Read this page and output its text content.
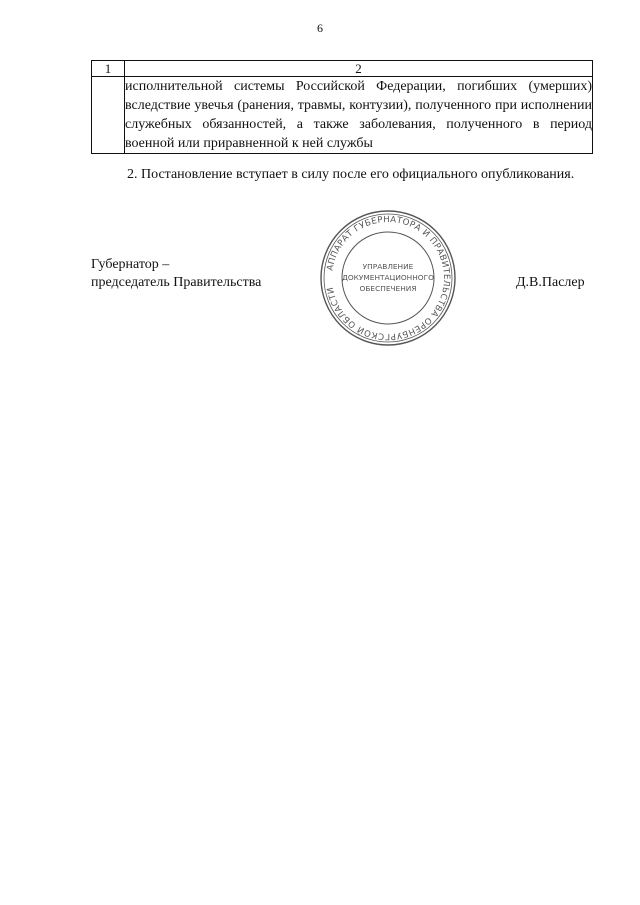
6
1	2
	исполнительной системы Российской Федерации, погибших (умерших) вследствие увечья (ранения, травмы, контузии), полученного при исполнении служебных обязанностей, а также заболевания, полученного в период военной или приравненной к ней службы
2. Постановление вступает в силу после его официального опубликования.
Губернатор –
председатель Правительства
АППАРАТ ГУБЕРНАТОРА И ПРАВИТЕЛЬСТВА ОРЕНБУРГСКОЙ ОБЛАСТИ
УПРАВЛЕНИЕ
ДОКУМЕНТАЦИОННОГО
ОБЕСПЕЧЕНИЯ	Д.В.Паслер
